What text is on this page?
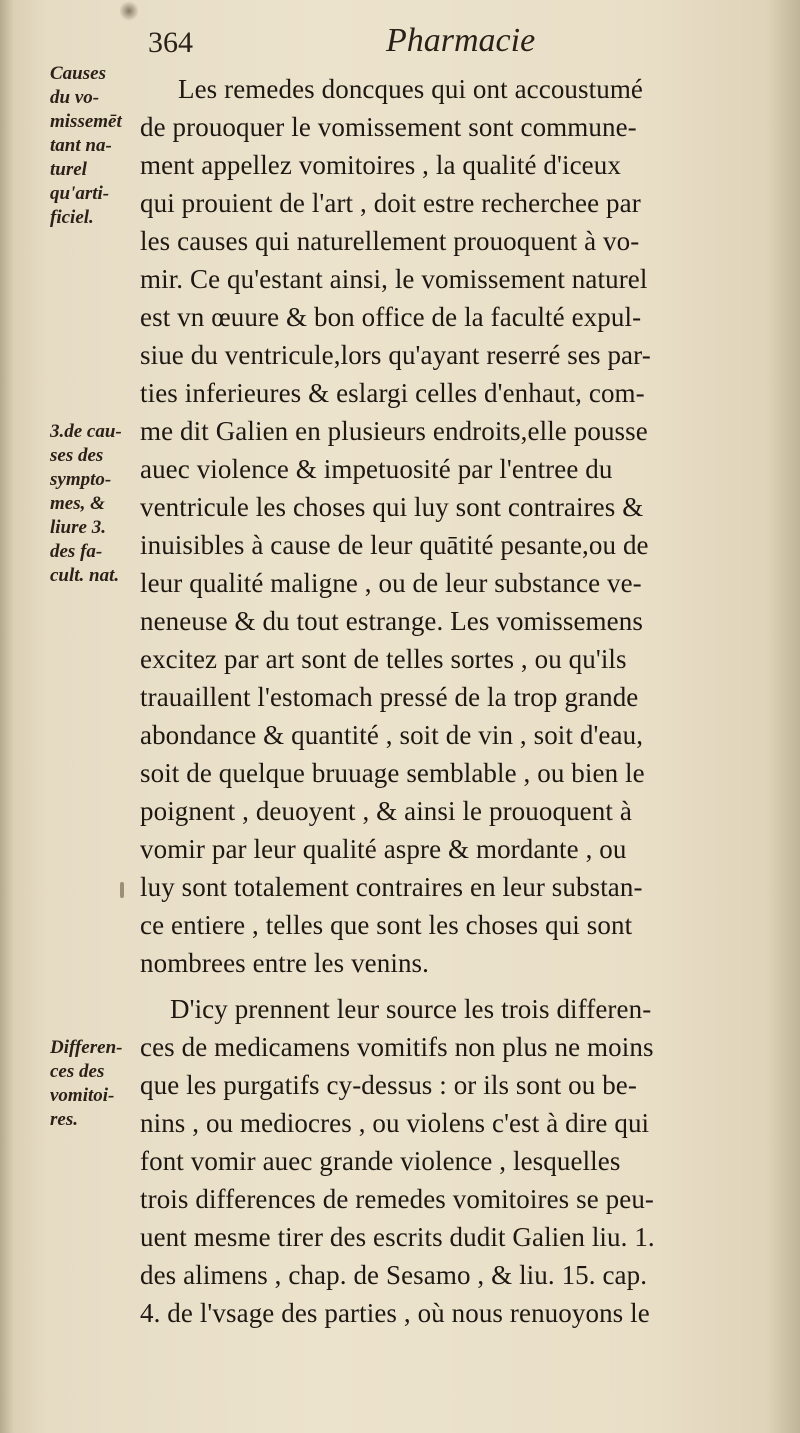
364	Pharmacie
Causes
du vo-
missemēt
tant na-
turel
qu'arti-
ficiel.
3.de cau-
ses des
sympto-
mes, &
liure 3.
des fa-
cult. nat.
Differen-
ces des
vomitoi-
res.
Les remedes doncques qui ont accoustumé
de prouoquer le vomissement sont commune-
ment appellez vomitoires , la qualité d'iceux
qui prouient de l'art , doit estre recherchee par
les causes qui naturellement prouoquent à vo-
mir. Ce qu'estant ainsi, le vomissement naturel
est vn œuure & bon office de la faculté expul-
siue du ventricule,lors qu'ayant reserré ses par-
ties inferieures & eslargi celles d'enhaut, com-
me dit Galien en plusieurs endroits,elle pousse
auec violence & impetuosité par l'entree du
ventricule les choses qui luy sont contraires &
inuisibles à cause de leur quātité pesante,ou de
leur qualité maligne , ou de leur substance ve-
neneuse & du tout estrange. Les vomissemens
excitez par art sont de telles sortes , ou qu'ils
trauaillent l'estomach pressé de la trop grande
abondance & quantité , soit de vin , soit d'eau,
soit de quelque bruuage semblable , ou bien le
poignent , deuoyent , & ainsi le prouoquent à
vomir par leur qualité aspre & mordante , ou
luy sont totalement contraires en leur substan-
ce entiere , telles que sont les choses qui sont
nombrees entre les venins.
D'icy prennent leur source les trois differen-
ces de medicamens vomitifs non plus ne moins
que les purgatifs cy-dessus : or ils sont ou be-
nins , ou mediocres , ou violens c'est à dire qui
font vomir auec grande violence , lesquelles
trois differences de remedes vomitoires se peu-
uent mesme tirer des escrits dudit Galien liu. 1.
des alimens , chap. de Sesamo , & liu. 15. cap.
4. de l'vsage des parties , où nous renuoyons le
